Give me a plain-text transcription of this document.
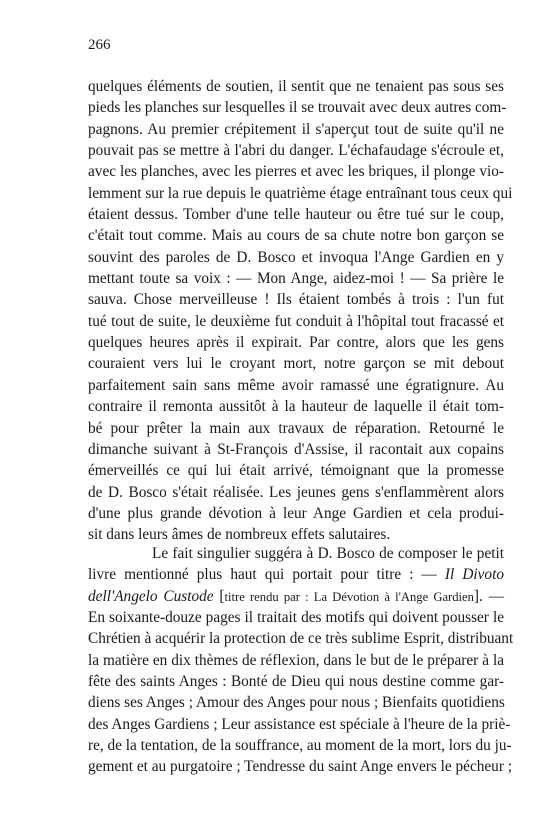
266
quelques éléments de soutien, il sentit que ne tenaient pas sous ses
pieds les planches sur lesquelles il se trouvait avec deux autres com-
pagnons. Au premier crépitement il s'aperçut tout de suite qu'il ne
pouvait pas se mettre à l'abri du danger. L'échafaudage s'écroule et,
avec les planches, avec les pierres et avec les briques, il plonge vio-
lemment sur la rue depuis le quatrième étage entraînant tous ceux qui
étaient dessus. Tomber d'une telle hauteur ou être tué sur le coup,
c'était tout comme. Mais au cours de sa chute notre bon garçon se
souvint des paroles de D. Bosco et invoqua l'Ange Gardien en y
mettant toute sa voix : — Mon Ange, aidez-moi ! — Sa prière le
sauva. Chose merveilleuse ! Ils étaient tombés à trois : l'un fut
tué tout de suite, le deuxième fut conduit à l'hôpital tout fracassé et
quelques heures après il expirait. Par contre, alors que les gens
couraient vers lui le croyant mort, notre garçon se mit debout
parfaitement sain sans même avoir ramassé une égratignure. Au
contraire il remonta aussitôt à la hauteur de laquelle il était tom-
bé pour prêter la main aux travaux de réparation. Retourné le
dimanche suivant à St-François d'Assise, il racontait aux copains
émerveillés ce qui lui était arrivé, témoignant que la promesse
de D. Bosco s'était réalisée. Les jeunes gens s'enflammèrent alors
d'une plus grande dévotion à leur Ange Gardien et cela produi-
sit dans leurs âmes de nombreux effets salutaires.
Le fait singulier suggéra à D. Bosco de composer le petit
livre mentionné plus haut qui portait pour titre : — Il Divoto
dell'Angelo Custode [titre rendu par : La Dévotion à l'Ange Gardien]. —
En soixante-douze pages il traitait des motifs qui doivent pousser le
Chrétien à acquérir la protection de ce très sublime Esprit, distribuant
la matière en dix thèmes de réflexion, dans le but de le préparer à la
fête des saints Anges : Bonté de Dieu qui nous destine comme gar-
diens ses Anges ; Amour des Anges pour nous ; Bienfaits quotidiens
des Anges Gardiens ; Leur assistance est spéciale à l'heure de la priè-
re, de la tentation, de la souffrance, au moment de la mort, lors du ju-
gement et au purgatoire ; Tendresse du saint Ange envers le pécheur ;
